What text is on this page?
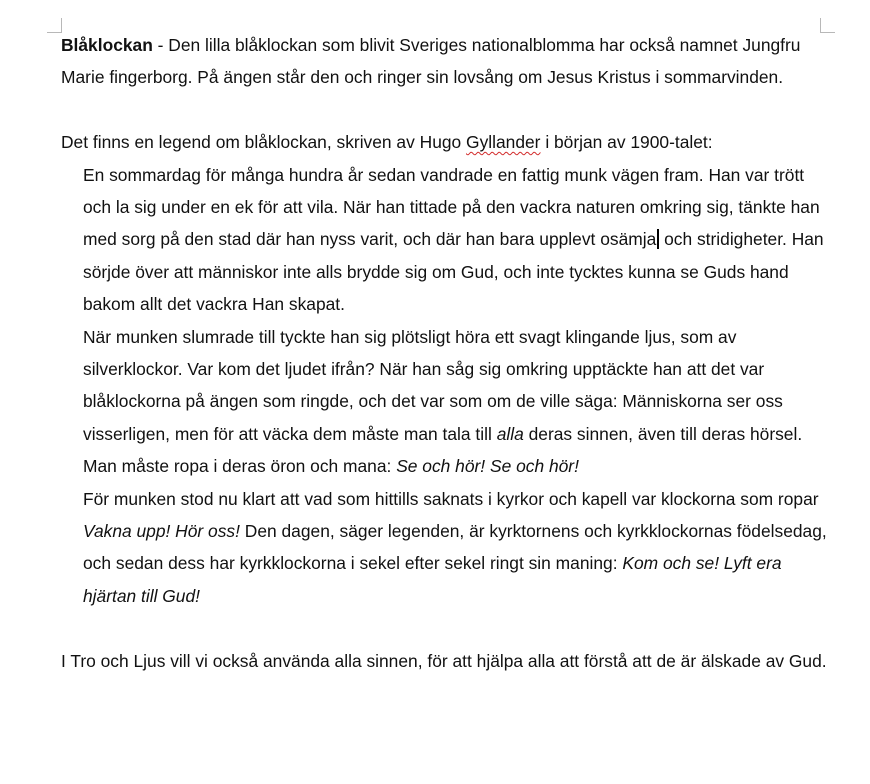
Blåklockan - Den lilla blåklockan som blivit Sveriges nationalblomma har också namnet Jungfru Marie fingerborg. På ängen står den och ringer sin lovsång om Jesus Kristus i sommarvinden.

Det finns en legend om blåklockan, skriven av Hugo Gyllander i början av 1900-talet:

En sommardag för många hundra år sedan vandrade en fattig munk vägen fram. Han var trött och la sig under en ek för att vila. När han tittade på den vackra naturen omkring sig, tänkte han med sorg på den stad där han nyss varit, och där han bara upplevt osämja och stridigheter. Han sörjde över att människor inte alls brydde sig om Gud, och inte tycktes kunna se Guds hand bakom allt det vackra Han skapat.

När munken slumrade till tyckte han sig plötsligt höra ett svagt klingande ljus, som av silverklockor. Var kom det ljudet ifrån? När han såg sig omkring upptäckte han att det var blåklockorna på ängen som ringde, och det var som om de ville säga: Människorna ser oss visserligen, men för att väcka dem måste man tala till alla deras sinnen, även till deras hörsel. Man måste ropa i deras öron och mana: Se och hör! Se och hör!

För munken stod nu klart att vad som hittills saknats i kyrkor och kapell var klockorna som ropar Vakna upp! Hör oss! Den dagen, säger legenden, är kyrktornens och kyrkklockornas födelsedag, och sedan dess har kyrkklockorna i sekel efter sekel ringt sin maning: Kom och se! Lyft era hjärtan till Gud!

I Tro och Ljus vill vi också använda alla sinnen, för att hjälpa alla att förstå att de är älskade av Gud.
